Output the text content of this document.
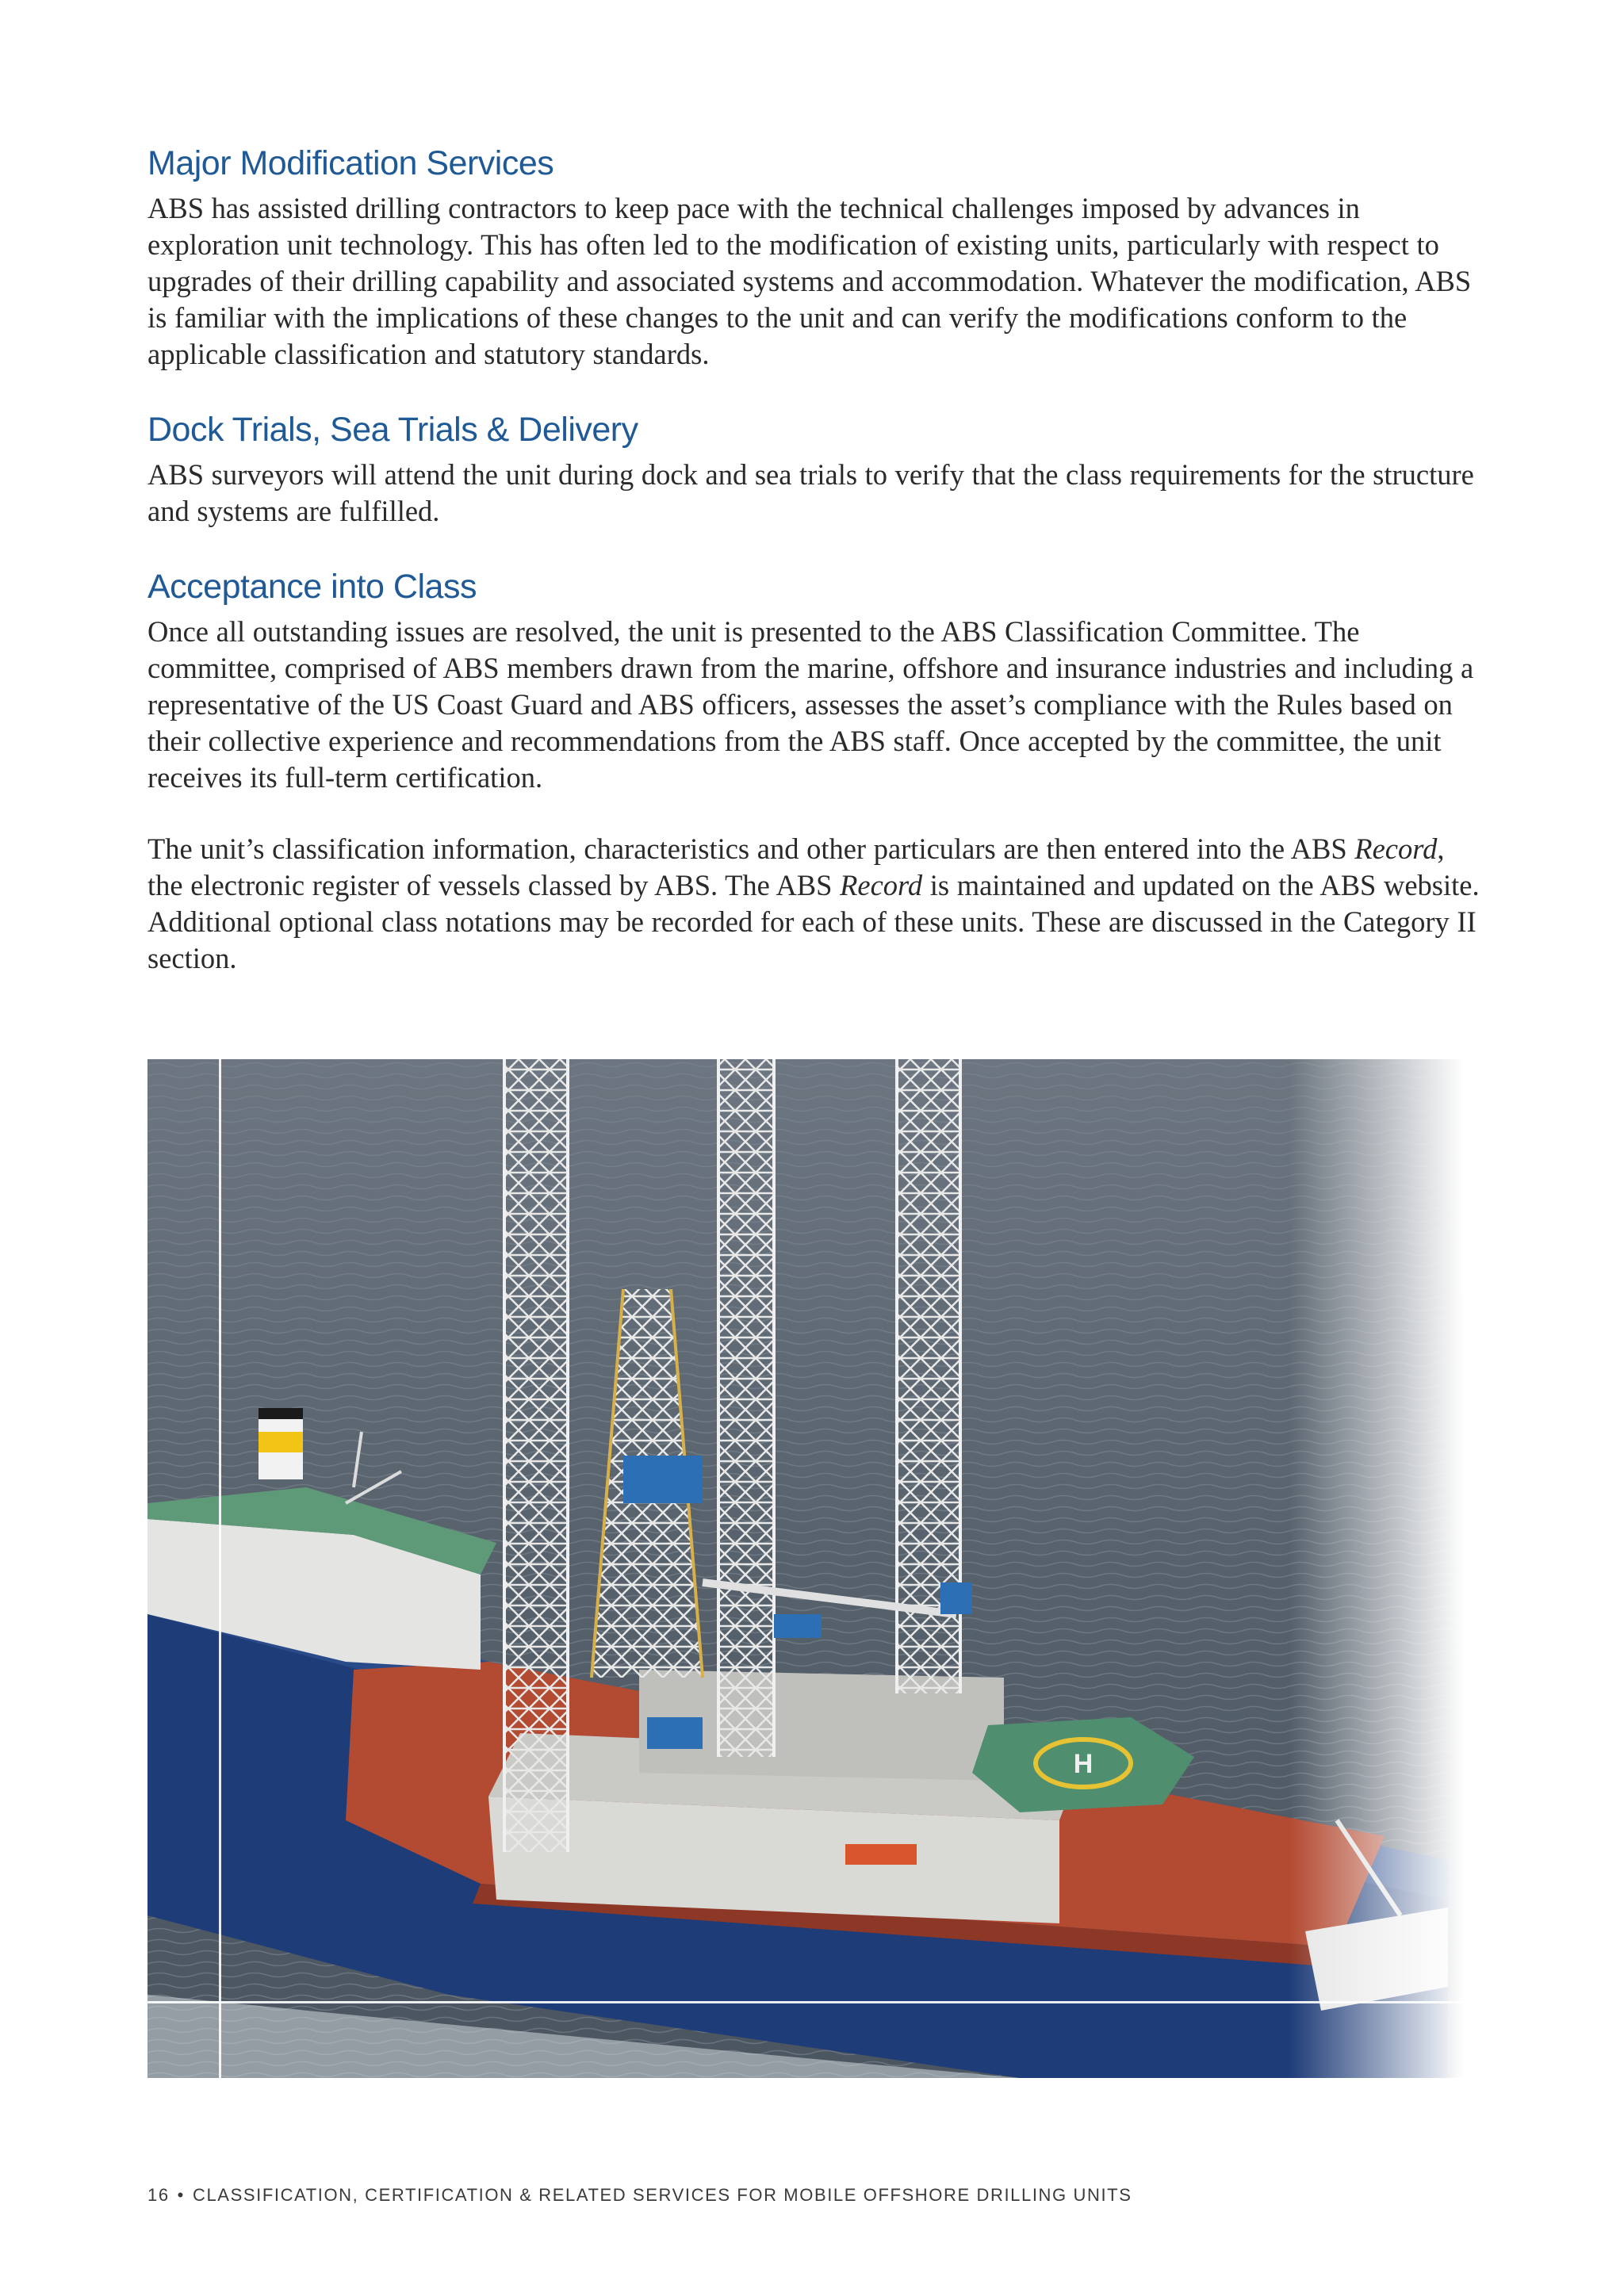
Major Modification Services

ABS has assisted drilling contractors to keep pace with the technical challenges imposed by advances in exploration unit technology. This has often led to the modification of existing units, particularly with respect to upgrades of their drilling capability and associated systems and accommodation. Whatever the modification, ABS is familiar with the implications of these changes to the unit and can verify the modifications conform to the applicable classification and statutory standards.

Dock Trials, Sea Trials & Delivery

ABS surveyors will attend the unit during dock and sea trials to verify that the class requirements for the structure and systems are fulfilled.

Acceptance into Class

Once all outstanding issues are resolved, the unit is presented to the ABS Classification Committee. The committee, comprised of ABS members drawn from the marine, offshore and insurance industries and including a representative of the US Coast Guard and ABS officers, assesses the asset’s compliance with the Rules based on their collective experience and recommendations from the ABS staff. Once accepted by the committee, the unit receives its full-term certification.

The unit’s classification information, characteristics and other particulars are then entered into the ABS Record, the electronic register of vessels classed by ABS. The ABS Record is maintained and updated on the ABS website. Additional optional class notations may be recorded for each of these units. These are discussed in the Category II section.

H
16 • CLASSIFICATION, CERTIFICATION & RELATED SERVICES FOR MOBILE OFFSHORE DRILLING UNITS
